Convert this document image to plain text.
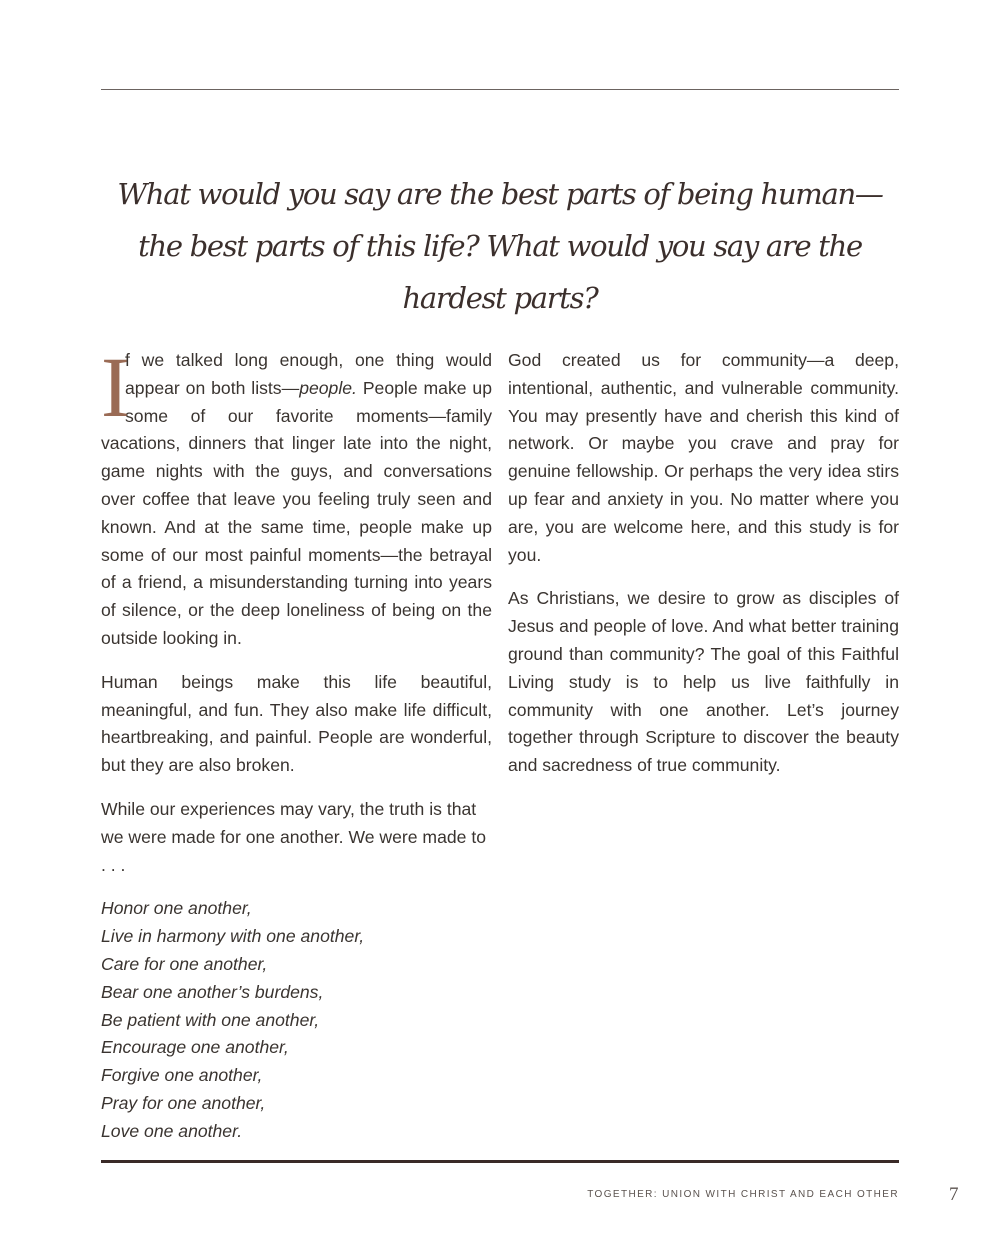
What would you say are the best parts of being human—the best parts of this life? What would you say are the hardest parts?

I
f we talked long enough, one thing would appear on both lists—people. People make up some of our favorite moments—family vacations, dinners that linger late into the night, game nights with the guys, and conversations over coffee that leave you feeling truly seen and known. And at the same time, people make up some of our most painful moments—the betrayal of a friend, a misunderstanding turning into years of silence, or the deep loneliness of being on the outside looking in.

Human beings make this life beautiful, meaningful, and fun. They also make life difficult, heartbreaking, and painful. People are wonderful, but they are also broken.

While our experiences may vary, the truth is that we were made for one another. We were made to . . .

Honor one another,
Live in harmony with one another,
Care for one another,
Bear one another’s burdens,
Be patient with one another,
Encourage one another,
Forgive one another,
Pray for one another,
Love one another.

God created us for community—a deep, intentional, authentic, and vulnerable community. You may presently have and cherish this kind of network. Or maybe you crave and pray for genuine fellowship. Or perhaps the very idea stirs up fear and anxiety in you. No matter where you are, you are welcome here, and this study is for you.

As Christians, we desire to grow as disciples of Jesus and people of love. And what better training ground than community? The goal of this Faithful Living study is to help us live faithfully in community with one another. Let’s journey together through Scripture to discover the beauty and sacredness of true community.

TOGETHER: UNION WITH CHRIST AND EACH OTHER	7
